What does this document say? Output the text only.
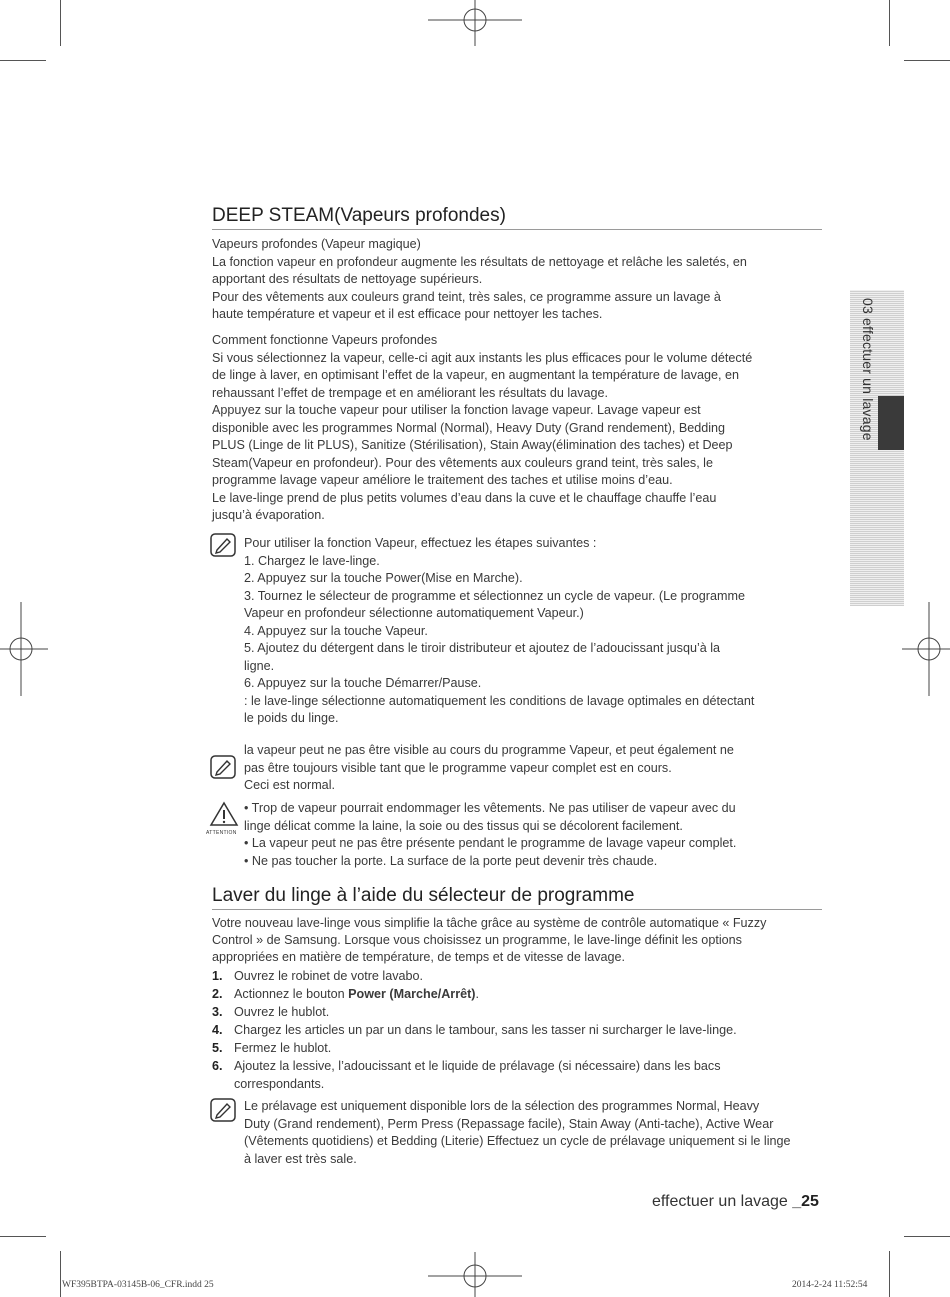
03 effectuer un lavage
DEEP STEAM(Vapeurs profondes)

Vapeurs profondes (Vapeur magique)

La fonction vapeur en profondeur augmente les résultats de nettoyage et relâche les saletés, en

apportant des résultats de nettoyage supérieurs.

Pour des vêtements aux couleurs grand teint, très sales, ce programme assure un lavage à

haute température et vapeur et il est efficace pour nettoyer les taches.

Comment fonctionne Vapeurs profondes

Si vous sélectionnez la vapeur, celle-ci agit aux instants les plus efficaces pour le volume détecté

de linge à laver, en optimisant l’effet de la vapeur, en augmentant la température de lavage, en

rehaussant l’effet de trempage et en améliorant les résultats du lavage.

Appuyez sur la touche vapeur pour utiliser la fonction lavage vapeur. Lavage vapeur est

disponible avec les programmes Normal (Normal), Heavy Duty (Grand rendement), Bedding

PLUS (Linge de lit PLUS), Sanitize (Stérilisation), Stain Away(élimination des taches) et Deep

Steam(Vapeur en profondeur). Pour des vêtements aux couleurs grand teint, très sales, le

programme lavage vapeur améliore le traitement des taches et utilise moins d’eau.

Le lave-linge prend de plus petits volumes d’eau dans la cuve et le chauffage chauffe l’eau

jusqu’à évaporation.

Pour utiliser la fonction Vapeur, effectuez les étapes suivantes :

1. Chargez le lave-linge.

2. Appuyez sur la touche Power(Mise en Marche).

3. Tournez le sélecteur de programme et sélectionnez un cycle de vapeur. (Le programme

Vapeur en profondeur sélectionne automatiquement Vapeur.)

4. Appuyez sur la touche Vapeur.

5. Ajoutez du détergent dans le tiroir distributeur et ajoutez de l’adoucissant jusqu’à la

ligne.

6. Appuyez sur la touche Démarrer/Pause.

: le lave-linge sélectionne automatiquement les conditions de lavage optimales en détectant

le poids du linge.

la vapeur peut ne pas être visible au cours du programme Vapeur, et peut également ne

pas être toujours visible tant que le programme vapeur complet est en cours.

Ceci est normal.

ATTENTION

• Trop de vapeur pourrait endommager les vêtements. Ne pas utiliser de vapeur avec du

linge délicat comme la laine, la soie ou des tissus qui se décolorent facilement.

• La vapeur peut ne pas être présente pendant le programme de lavage vapeur complet.

• Ne pas toucher la porte. La surface de la porte peut devenir très chaude.

Laver du linge à l’aide du sélecteur de programme

Votre nouveau lave-linge vous simplifie la tâche grâce au système de contrôle automatique « Fuzzy

Control » de Samsung. Lorsque vous choisissez un programme, le lave-linge définit les options

appropriées en matière de température, de temps et de vitesse de lavage.

1. Ouvrez le robinet de votre lavabo.
2. Actionnez le bouton Power (Marche/Arrêt).
3. Ouvrez le hublot.
4. Chargez les articles un par un dans le tambour, sans les tasser ni surcharger le lave-linge.
5. Fermez le hublot.
6. Ajoutez la lessive, l’adoucissant et le liquide de prélavage (si nécessaire) dans les bacs correspondants.

Le prélavage est uniquement disponible lors de la sélection des programmes Normal, Heavy

Duty (Grand rendement), Perm Press (Repassage facile), Stain Away (Anti-tache), Active Wear

(Vêtements quotidiens) et Bedding (Literie) Effectuez un cycle de prélavage uniquement si le linge

à laver est très sale.

effectuer un lavage _25
WF395BTPA-03145B-06_CFR.indd 25	2014-2-24 11:52:54
